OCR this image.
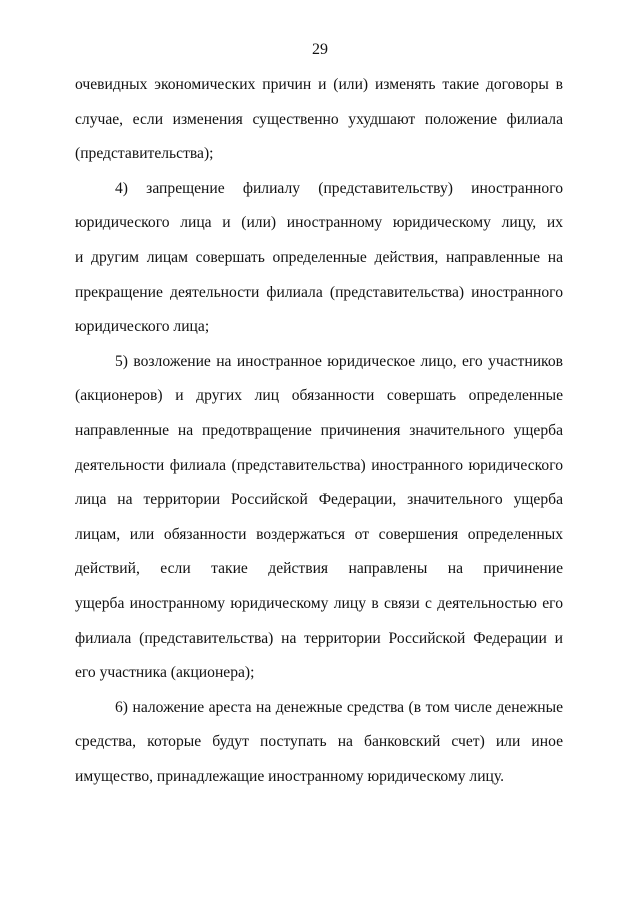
29
очевидных экономических причин и (или) изменять такие договоры в
случае, если изменения существенно ухудшают положение филиала
(представительства);
4) запрещение филиалу (представительству) иностранного
юридического лица и (или) иностранному юридическому лицу, их
и другим лицам совершать определенные действия, направленные на
прекращение деятельности филиала (представительства) иностранного
юридического лица;
5) возложение на иностранное юридическое лицо, его участников
(акционеров) и других лиц обязанности совершать определенные
направленные на предотвращение причинения значительного ущерба
деятельности филиала (представительства) иностранного юридического
лица на территории Российской Федерации, значительного ущерба
лицам, или обязанности воздержаться от совершения определенных
действий, если такие действия направлены на причинение
ущерба иностранному юридическому лицу в связи с деятельностью его
филиала (представительства) на территории Российской Федерации и
его участника (акционера);
6) наложение ареста на денежные средства (в том числе денежные
средства, которые будут поступать на банковский счет) или иное
имущество, принадлежащие иностранному юридическому лицу.
